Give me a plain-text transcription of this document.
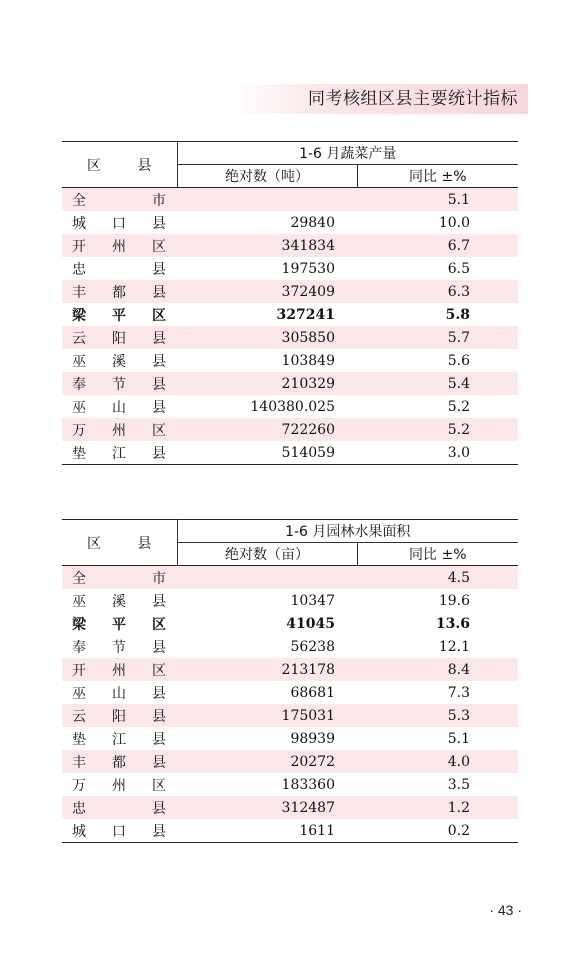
同考核组区县主要统计指标
区 县	1-6 月蔬菜产量	
	绝对数（吨）	同比 ±%

全 市		5.1

城 口 县	29840	10.0

开 州 区	341834	6.7

忠 县	197530	6.5

丰 都 县	372409	6.3

梁 平 区	327241	5.8

云 阳 县	305850	5.7

巫 溪 县	103849	5.6

奉 节 县	210329	5.4

巫 山 县	140380.025	5.2

万 州 区	722260	5.2

垫 江 县	514059	3.0
区 县	1-6 月园林水果面积	
	绝对数（亩）	同比 ±%

全 市		4.5

巫 溪 县	10347	19.6

梁 平 区	41045	13.6

奉 节 县	56238	12.1

开 州 区	213178	8.4

巫 山 县	68681	7.3

云 阳 县	175031	5.3

垫 江 县	98939	5.1

丰 都 县	20272	4.0

万 州 区	183360	3.5

忠 县	312487	1.2

城 口 县	1611	0.2
· 43 ·
